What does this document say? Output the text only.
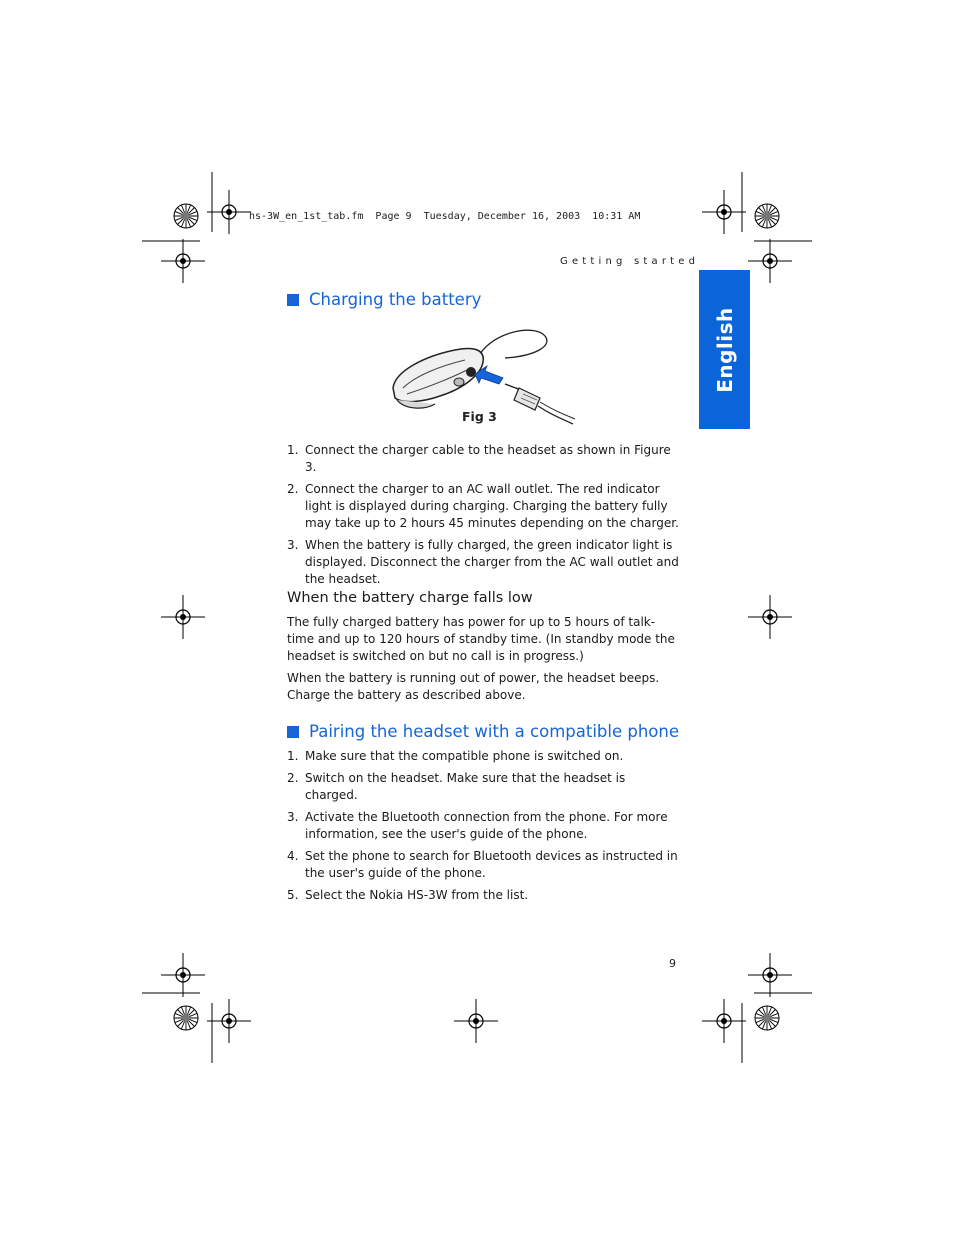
hs-3W_en_1st_tab.fm  Page 9  Tuesday, December 16, 2003  10:31 AM
Getting started
English
Charging the battery
Fig 3
1. Connect the charger cable to the headset as shown in Figure 3.
2. Connect the charger to an AC wall outlet. The red indicator light is displayed during charging. Charging the battery fully may take up to 2 hours 45 minutes depending on the charger.
3. When the battery is fully charged, the green indicator light is displayed. Disconnect the charger from the AC wall outlet and the headset.
When the battery charge falls low

The fully charged battery has power for up to 5 hours of talk-time and up to 120 hours of standby time. (In standby mode the headset is switched on but no call is in progress.)

When the battery is running out of power, the headset beeps. Charge the battery as described above.

Pairing the headset with a compatible phone
1. Make sure that the compatible phone is switched on.
2. Switch on the headset. Make sure that the headset is charged.
3. Activate the Bluetooth connection from the phone. For more information, see the user's guide of the phone.
4. Set the phone to search for Bluetooth devices as instructed in the user's guide of the phone.
5. Select the Nokia HS-3W from the list.
9
